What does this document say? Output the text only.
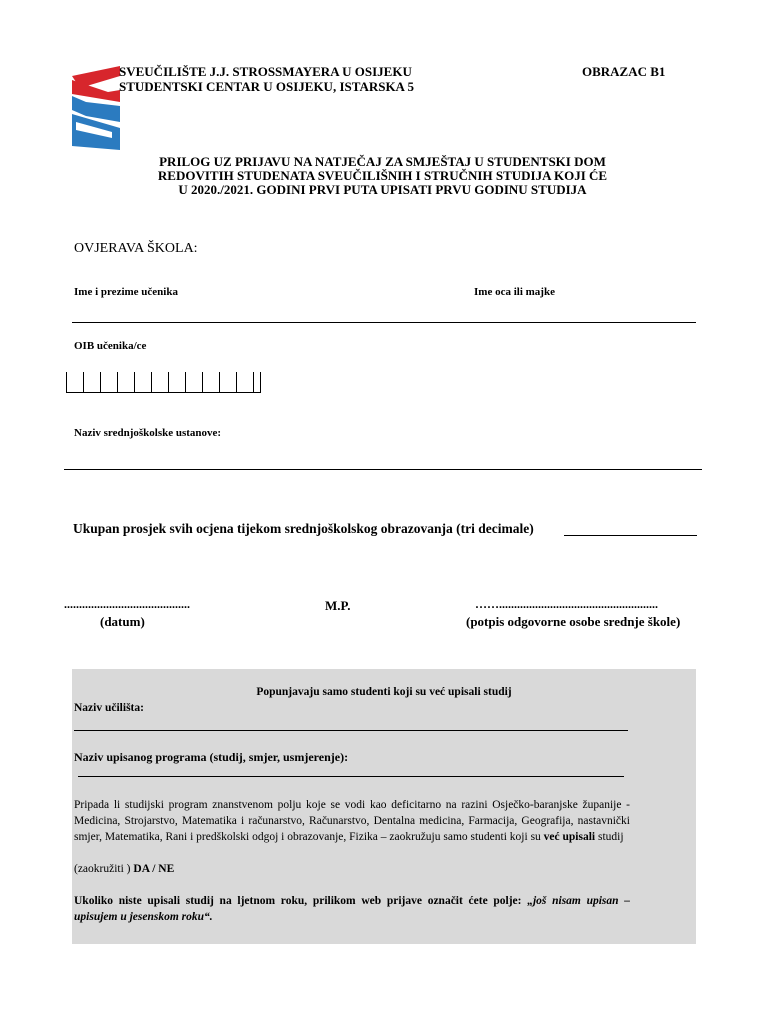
SVEUČILIŠTE J.J. STROSSMAYERA U OSIJEKU
STUDENTSKI CENTAR U OSIJEKU, ISTARSKA 5
OBRAZAC B1
PRILOG UZ PRIJAVU NA NATJEČAJ ZA SMJEŠTAJ U STUDENTSKI DOM
REDOVITIH STUDENATA SVEUČILIŠNIH I STRUČNIH STUDIJA KOJI ĆE
U 2020./2021. GODINI PRVI PUTA UPISATI PRVU GODINU STUDIJA
OVJERAVA ŠKOLA:
Ime i prezime učenika	Ime oca ili majke
OIB učenika/ce
Naziv srednjoškolske ustanove:
Ukupan prosjek svih ocjena tijekom srednjoškolskog obrazovanja (tri decimale)
..........................................
(datum)
M.P.	…….....................................................
(potpis odgovorne osobe srednje škole)
Popunjavaju samo studenti koji su već upisali studij
Naziv učilišta:
Naziv upisanog programa (studij, smjer, usmjerenje):
Pripada li studijski program znanstvenom polju koje se vodi kao deficitarno na razini Osječko-baranjske županije - Medicina, Strojarstvo, Matematika i računarstvo, Računarstvo, Dentalna medicina, Farmacija, Geografija, nastavnički smjer, Matematika, Rani i predškolski odgoj i obrazovanje, Fizika – zaokružuju samo studenti koji su već upisali studij
(zaokružiti ) DA / NE
Ukoliko niste upisali studij na ljetnom roku, prilikom web prijave označit ćete polje: „još nisam upisan – upisujem u jesenskom roku“.
